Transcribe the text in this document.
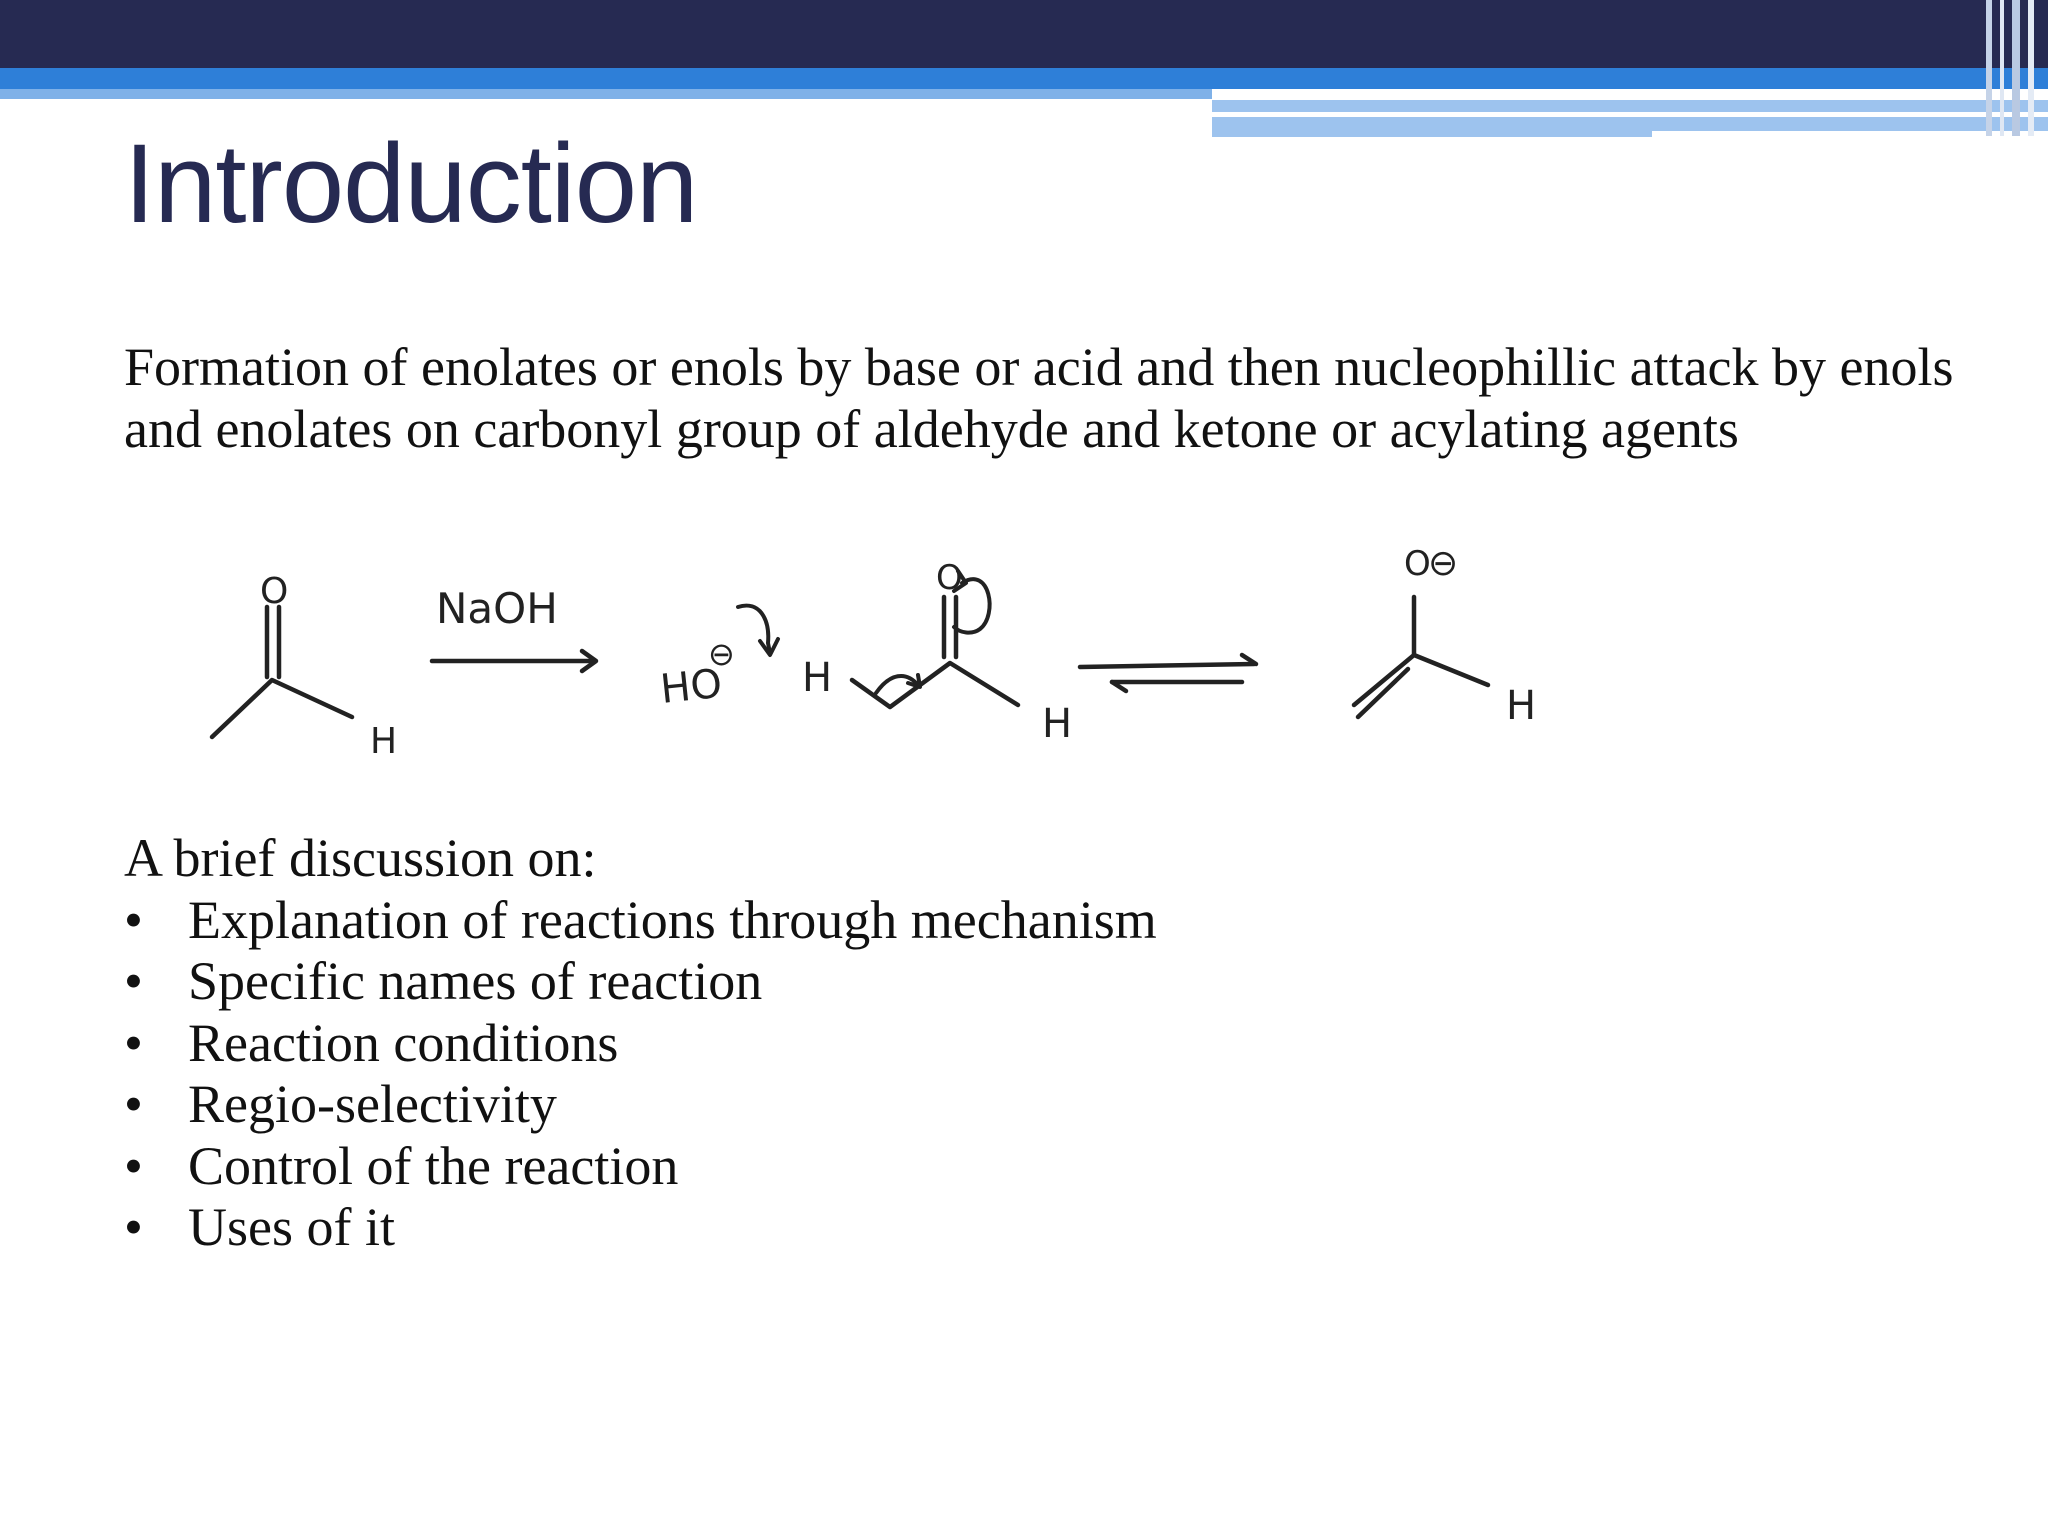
Introduction

Formation of enolates or enols by base or acid and then nucleophillic attack by enols and enolates on carbonyl group of aldehyde and ketone or acylating agents

O
H
NaOH
HO
⊖
H
O
H
O
⊖
H

A brief discussion on:

• Explanation of reactions through mechanism
• Specific names of reaction
• Reaction conditions
• Regio-selectivity
• Control of the reaction
• Uses of it
